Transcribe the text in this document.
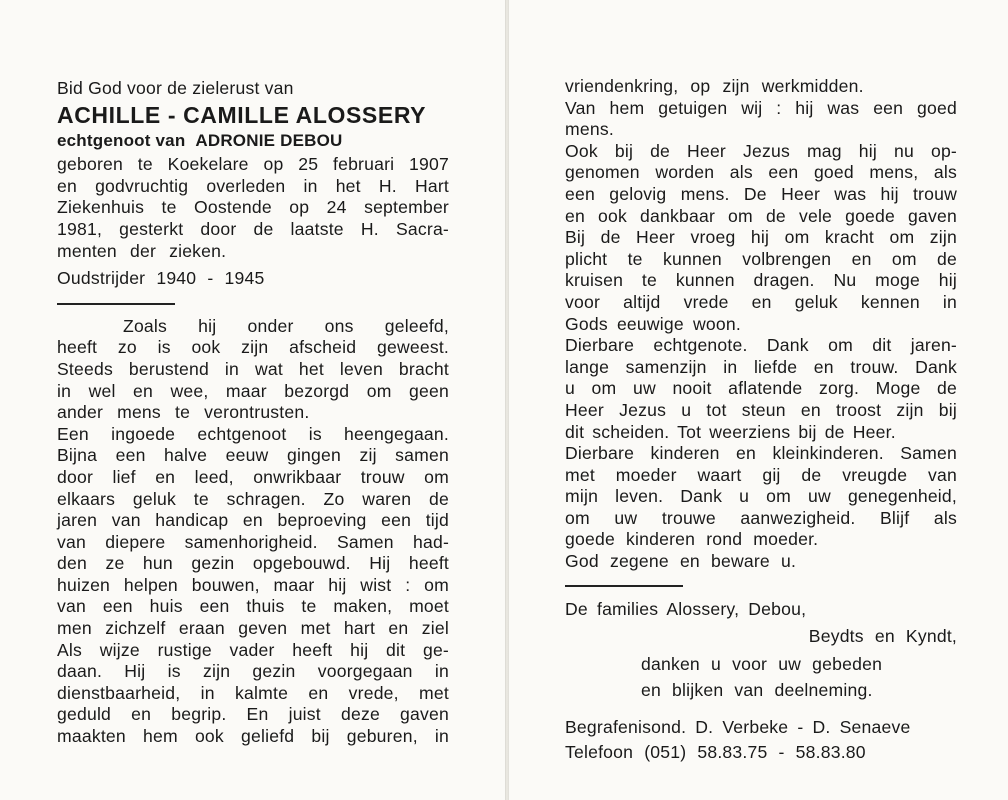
Bid God voor de zielerust van
ACHILLE - CAMILLE ALOSSERY
echtgenoot van ADRONIE DEBOU
geboren te Koekelare op 25 februari 1907
en godvruchtig overleden in het H. Hart
Ziekenhuis te Oostende op 24 september
1981, gesterkt door de laatste H. Sacra-
menten der zieken.
Oudstrijder 1940 - 1945
Zoals hij onder ons geleefd,
heeft zo is ook zijn afscheid geweest.
Steeds berustend in wat het leven bracht
in wel en wee, maar bezorgd om geen
ander mens te verontrusten.
Een ingoede echtgenoot is heengegaan.
Bijna een halve eeuw gingen zij samen
door lief en leed, onwrikbaar trouw om
elkaars geluk te schragen. Zo waren de
jaren van handicap en beproeving een tijd
van diepere samenhorigheid. Samen had-
den ze hun gezin opgebouwd. Hij heeft
huizen helpen bouwen, maar hij wist : om
van een huis een thuis te maken, moet
men zichzelf eraan geven met hart en ziel
Als wijze rustige vader heeft hij dit ge-
daan. Hij is zijn gezin voorgegaan in
dienstbaarheid, in kalmte en vrede, met
geduld en begrip. En juist deze gaven
maakten hem ook geliefd bij geburen, in
vriendenkring, op zijn werkmidden.
Van hem getuigen wij : hij was een goed
mens.
Ook bij de Heer Jezus mag hij nu op-
genomen worden als een goed mens, als
een gelovig mens. De Heer was hij trouw
en ook dankbaar om de vele goede gaven
Bij de Heer vroeg hij om kracht om zijn
plicht te kunnen volbrengen en om de
kruisen te kunnen dragen. Nu moge hij
voor altijd vrede en geluk kennen in
Gods eeuwige woon.
Dierbare echtgenote. Dank om dit jaren-
lange samenzijn in liefde en trouw. Dank
u om uw nooit aflatende zorg. Moge de
Heer Jezus u tot steun en troost zijn bij
dit scheiden. Tot weerziens bij de Heer.
Dierbare kinderen en kleinkinderen. Samen
met moeder waart gij de vreugde van
mijn leven. Dank u om uw genegenheid,
om uw trouwe aanwezigheid. Blijf als
goede kinderen rond moeder.
God zegene en beware u.
De families Alossery, Debou,
Beydts en Kyndt,
danken u voor uw gebeden
en blijken van deelneming.
Begrafenisond. D. Verbeke - D. Senaeve
Telefoon (051) 58.83.75 - 58.83.80
